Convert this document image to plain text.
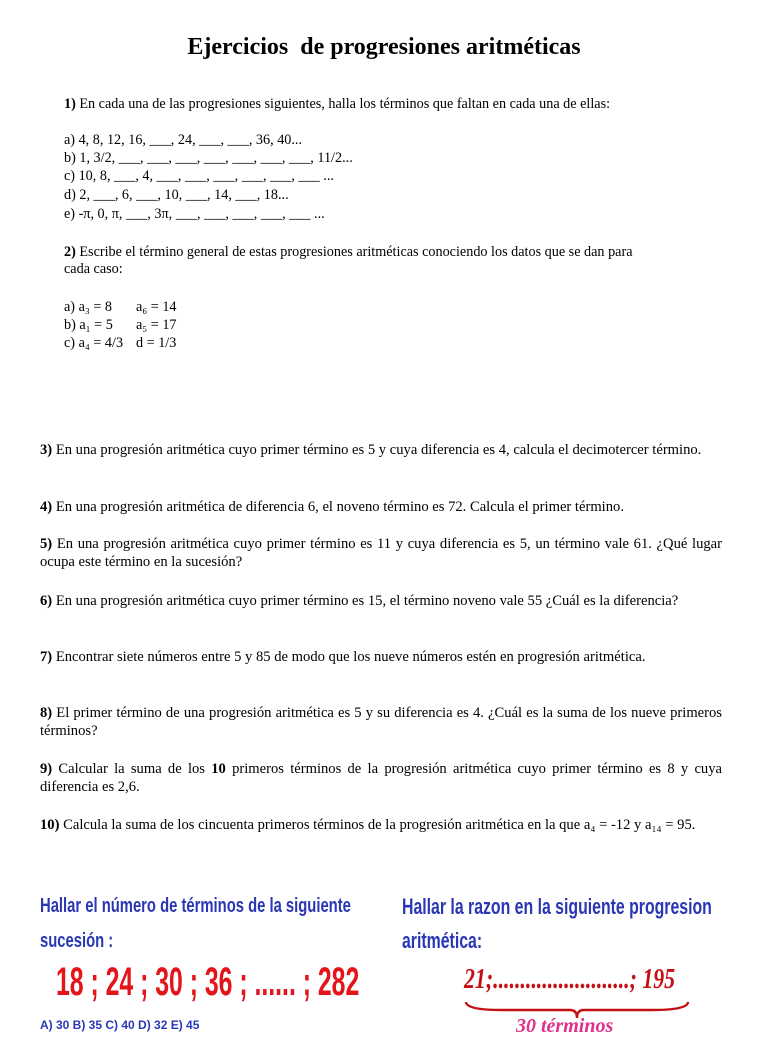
Ejercicios  de progresiones aritméticas
1) En cada una de las progresiones siguientes, halla los términos que faltan en cada una de ellas:
a) 4, 8, 12, 16, ___, 24, ___, ___, 36, 40...
b) 1, 3/2, ___, ___, ___, ___, ___, ___, ___, 11/2...
c) 10, 8, ___, 4, ___, ___, ___, ___, ___, ___ ...
d) 2, ___, 6, ___, 10, ___, 14, ___, 18...
e) -π, 0, π, ___, 3π, ___, ___, ___, ___, ___ ...
2) Escribe el término general de estas progresiones aritméticas conociendo los datos que se dan para
cada caso:
a) a₃ = 8 a₆ = 14
b) a₁ = 5 a₅ = 17
c) a₄ = 4/3 d = 1/3
3) En una progresión aritmética cuyo primer término es 5 y cuya diferencia es 4, calcula el decimotercer término.
4) En una progresión aritmética de diferencia 6, el noveno término es 72. Calcula el primer término.
5) En una progresión aritmética cuyo primer término es 11 y cuya diferencia es 5, un término vale 61. ¿Qué lugar ocupa este término en la sucesión?
6) En una progresión aritmética cuyo primer término es 15, el término noveno vale 55 ¿Cuál es la diferencia?
7) Encontrar siete números entre 5 y 85 de modo que los nueve números estén en progresión aritmética.
8) El primer término de una progresión aritmética es 5 y su diferencia es 4. ¿Cuál es la suma de los nueve primeros términos?
9) Calcular la suma de los 10 primeros términos de la progresión aritmética cuyo primer término es 8 y cuya diferencia es 2,6.
10) Calcula la suma de los cincuenta primeros términos de la progresión aritmética en la que a₄ = -12 y a₁₄ = 95.
Hallar el número de términos de la siguiente
sucesión :
18 ; 24 ; 30 ; 36 ; ...... ; 282
A) 30 B) 35 C) 40 D) 32 E) 45
Hallar la razon en la siguiente progresion
aritmética:
21;.........................; 195
30 términos
